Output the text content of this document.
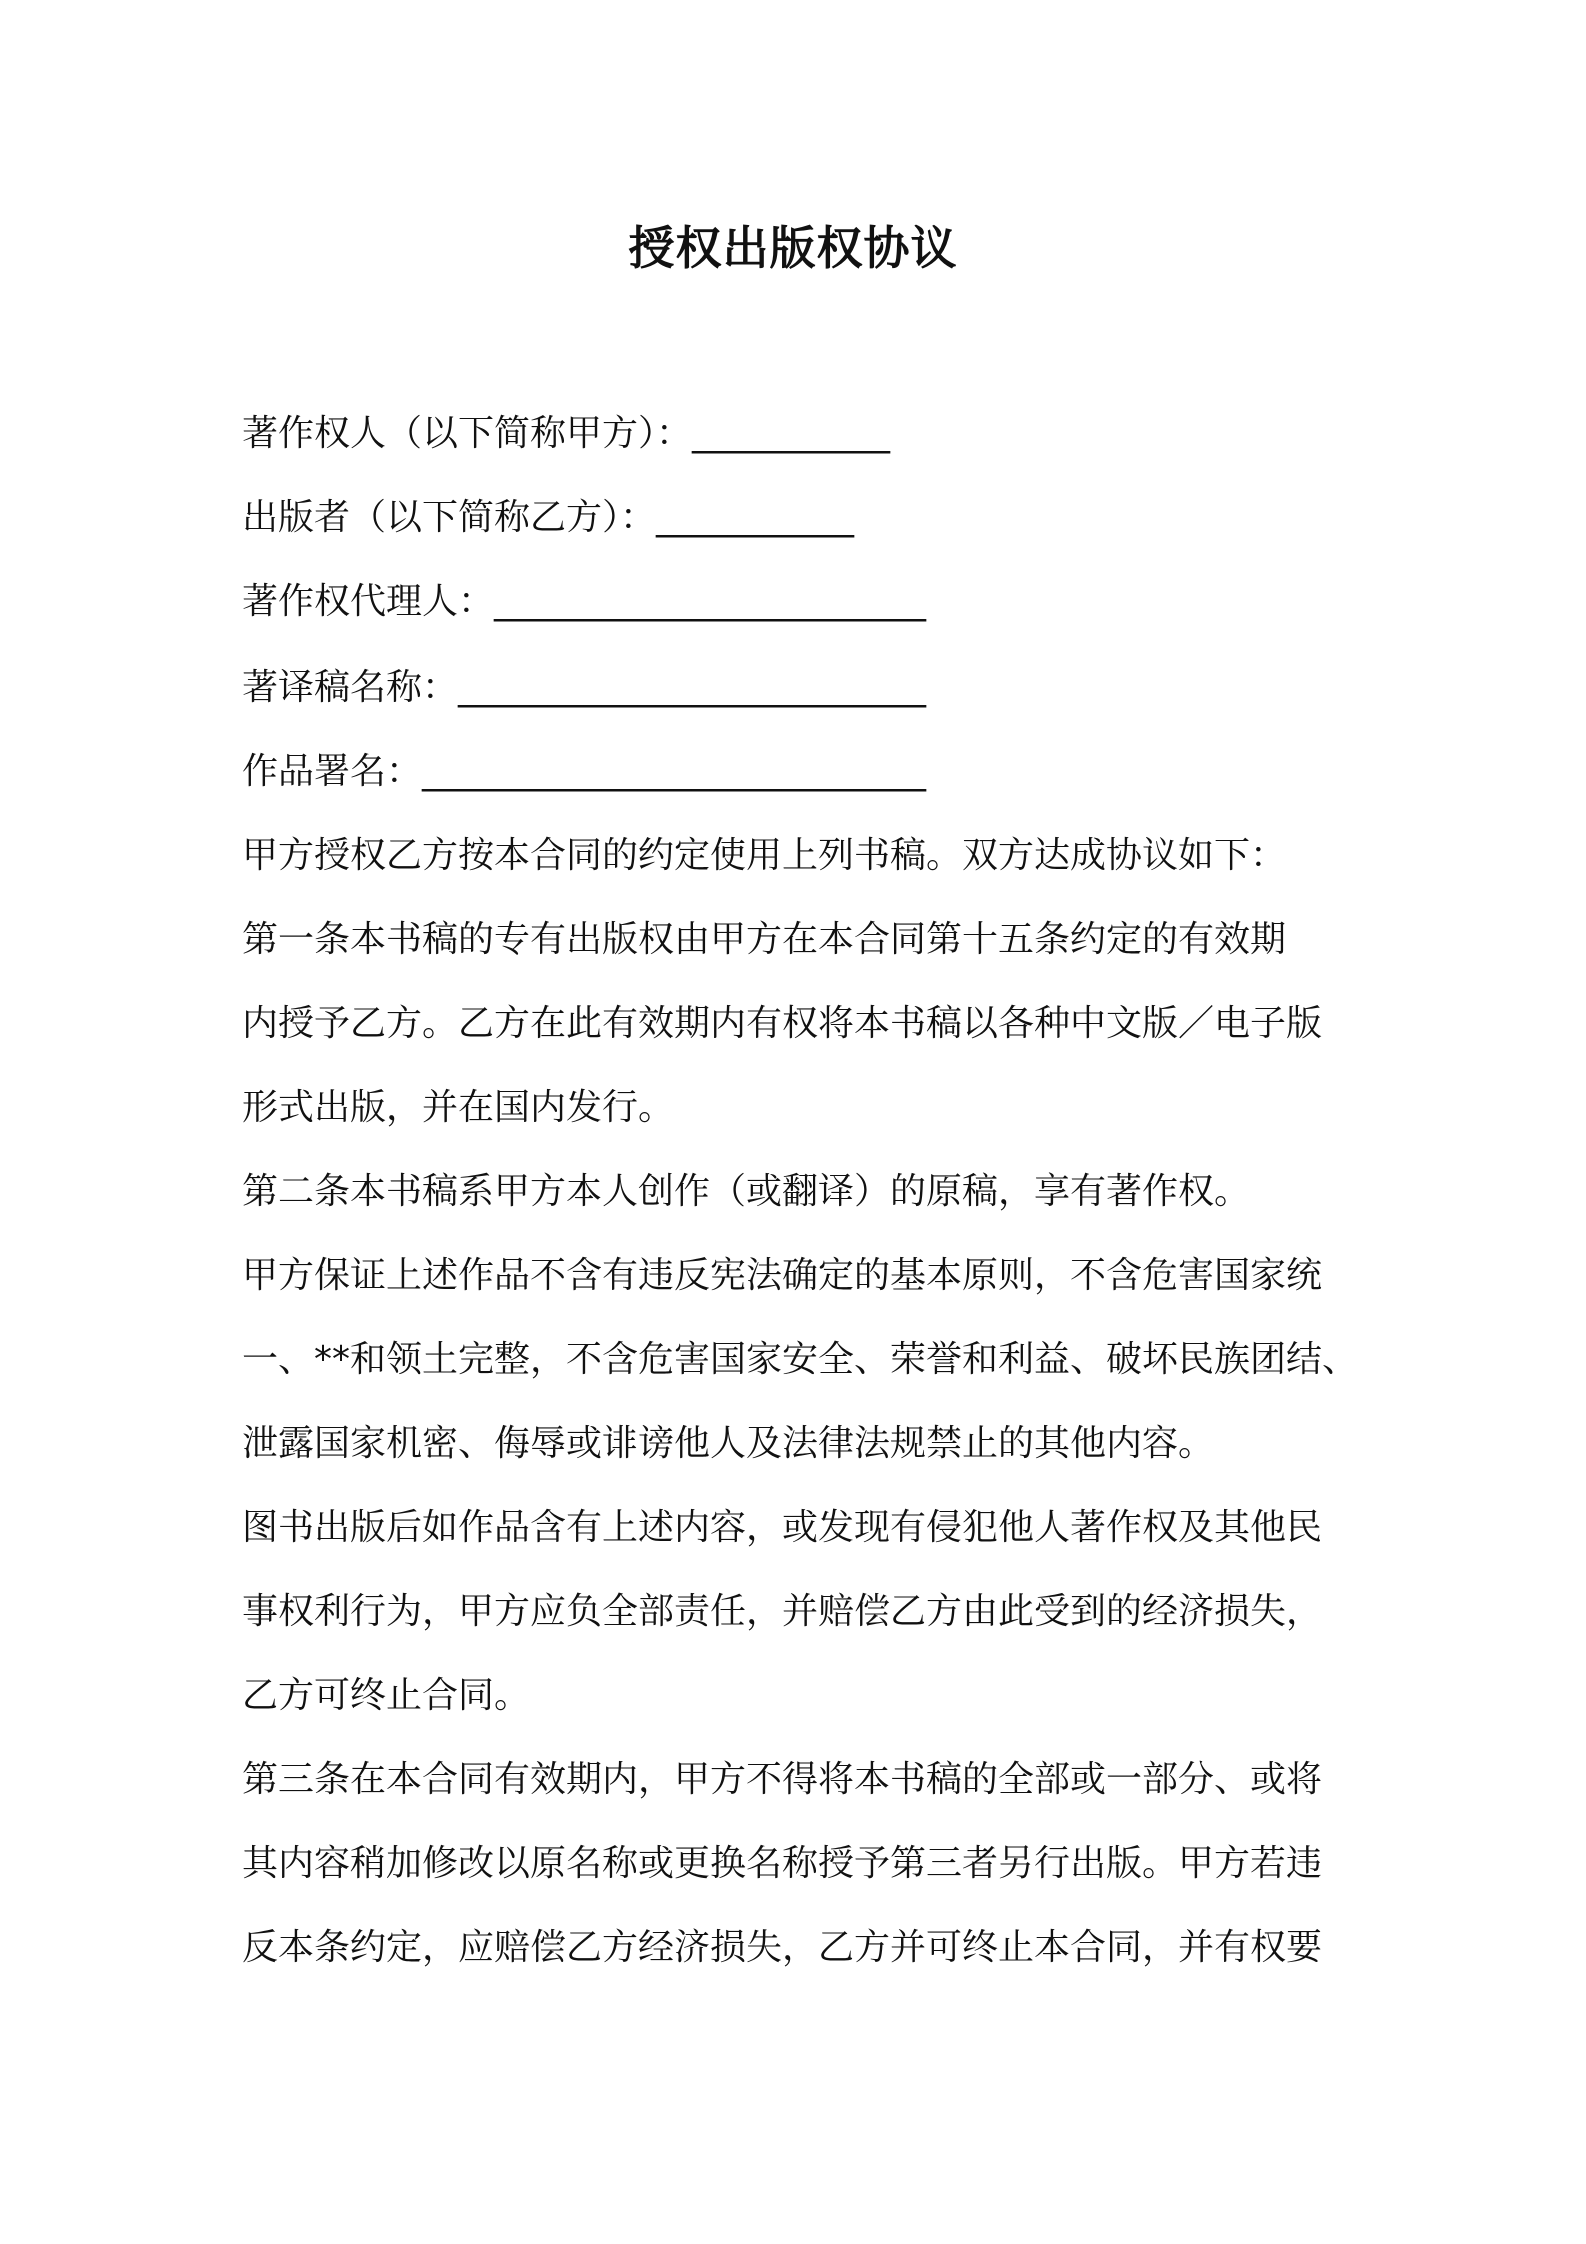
授权出版权协议
著作权人（以下简称甲方）：___________
出版者（以下简称乙方）：___________
著作权代理人：________________________
著译稿名称：__________________________
作品署名：____________________________
甲方授权乙方按本合同的约定使用上列书稿。双方达成协议如下：
第一条本书稿的专有出版权由甲方在本合同第十五条约定的有效期
内授予乙方。乙方在此有效期内有权将本书稿以各种中文版／电子版
形式出版，并在国内发行。
第二条本书稿系甲方本人创作（或翻译）的原稿，享有著作权。
甲方保证上述作品不含有违反宪法确定的基本原则，不含危害国家统
一、**和领土完整，不含危害国家安全、荣誉和利益、破坏民族团结、
泄露国家机密、侮辱或诽谤他人及法律法规禁止的其他内容。
图书出版后如作品含有上述内容，或发现有侵犯他人著作权及其他民
事权利行为，甲方应负全部责任，并赔偿乙方由此受到的经济损失，
乙方可终止合同。
第三条在本合同有效期内，甲方不得将本书稿的全部或一部分、或将
其内容稍加修改以原名称或更换名称授予第三者另行出版。甲方若违
反本条约定，应赔偿乙方经济损失，乙方并可终止本合同，并有权要
